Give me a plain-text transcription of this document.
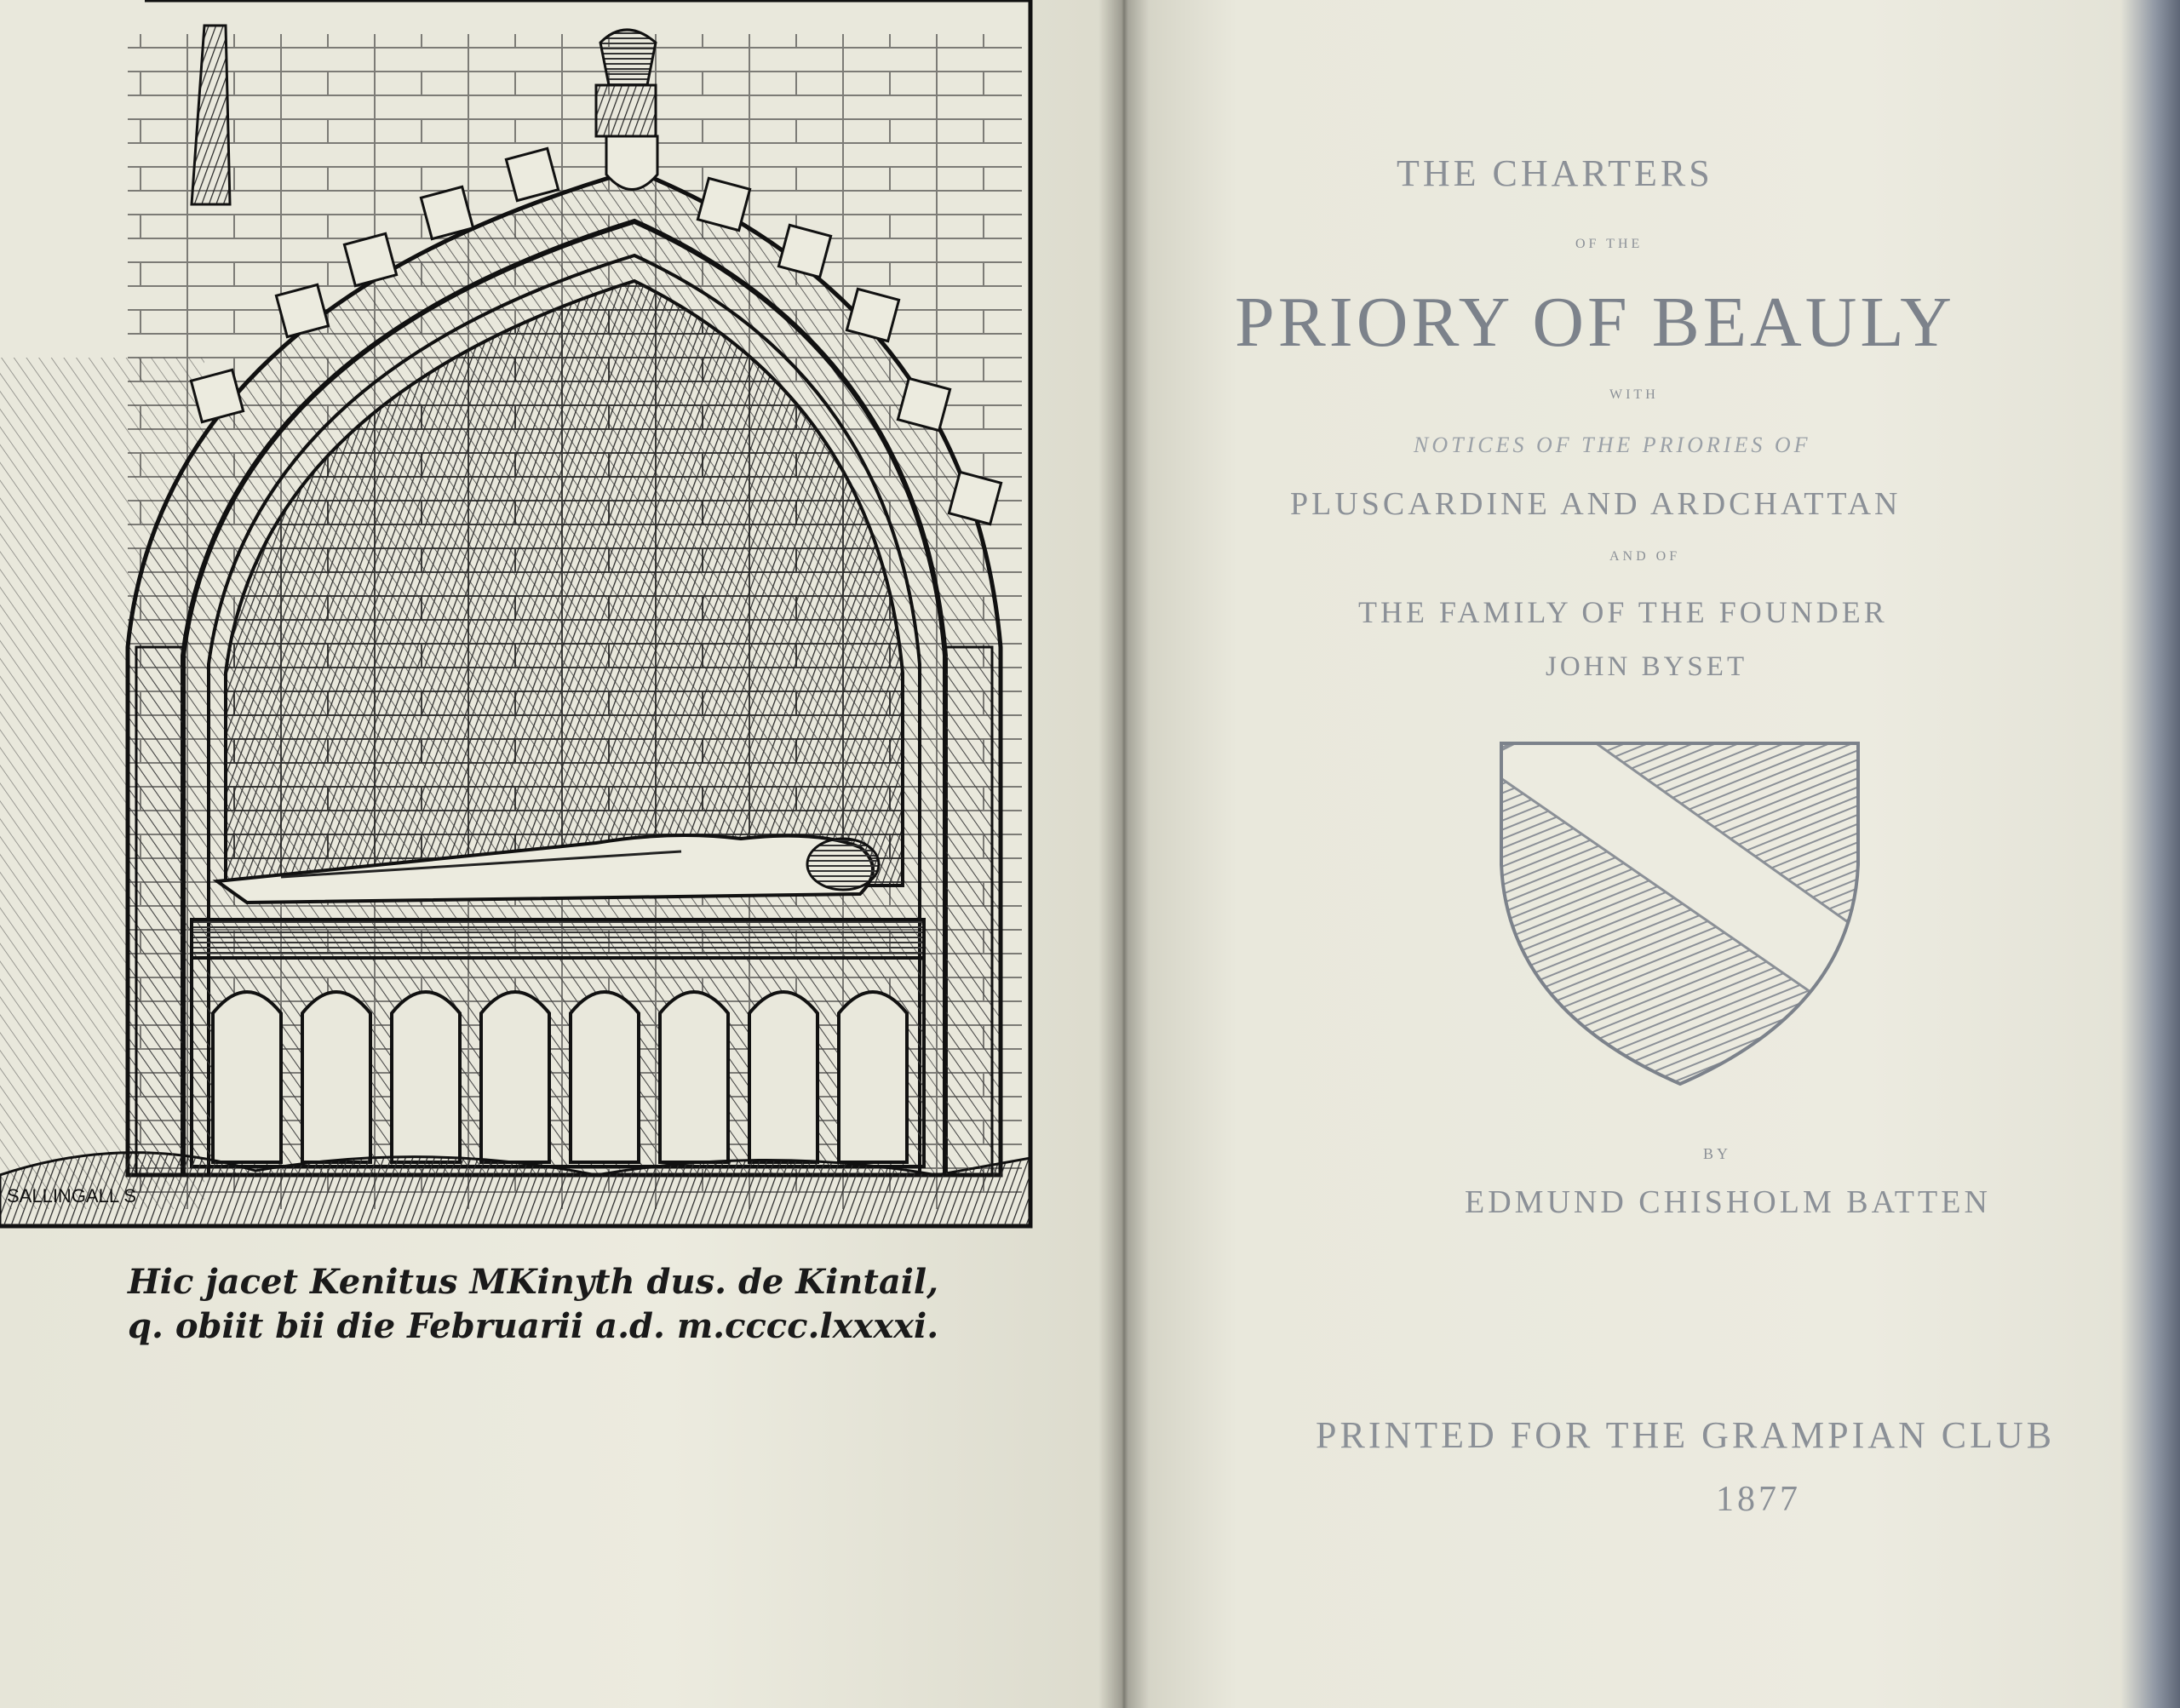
SALLINGALL S
Hic jacet Kenitus MKinyth dus. de Kintail,
q. obiit bii die Februarii a.d. m.cccc.lxxxxi.
THE CHARTERS
OF THE
PRIORY OF BEAULY
WITH
NOTICES OF THE PRIORIES OF
PLUSCARDINE AND ARDCHATTAN
AND OF
THE FAMILY OF THE FOUNDER
JOHN BYSET
BY
EDMUND CHISHOLM BATTEN
PRINTED FOR THE GRAMPIAN CLUB
1877
